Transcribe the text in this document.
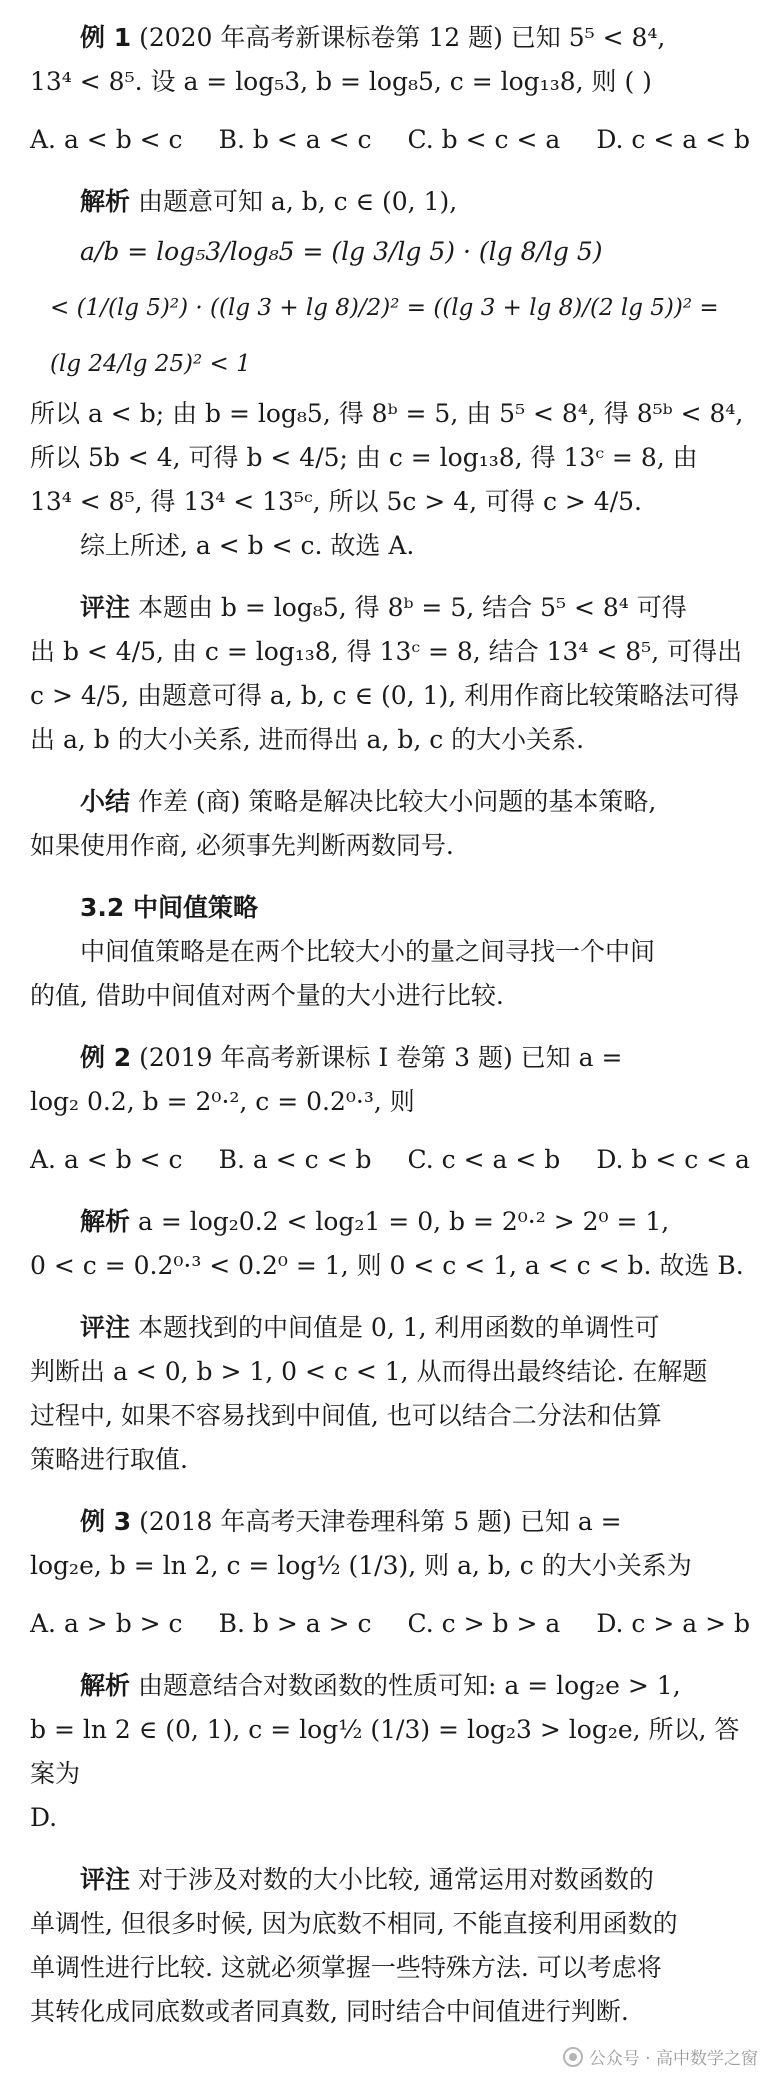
例 1 (2020 年高考新课标卷第 12 题) 已知 5⁵ < 8⁴,

13⁴ < 8⁵. 设 a = log₅3, b = log₈5, c = log₁₃8, 则 ( )

A. a < b < c B. b < a < c C. b < c < a D. c < a < b

解析 由题意可知 a, b, c ∈ (0, 1),

a/b = log₅3/log₈5 = (lg 3/lg 5) · (lg 8/lg 5)

< (1/(lg 5)²) · ((lg 3 + lg 8)/2)² = ((lg 3 + lg 8)/(2 lg 5))² = (lg 24/lg 25)² < 1

所以 a < b; 由 b = log₈5, 得 8ᵇ = 5, 由 5⁵ < 8⁴, 得 8⁵ᵇ < 8⁴,

所以 5b < 4, 可得 b < 4/5; 由 c = log₁₃8, 得 13ᶜ = 8, 由

13⁴ < 8⁵, 得 13⁴ < 13⁵ᶜ, 所以 5c > 4, 可得 c > 4/5.

综上所述, a < b < c. 故选 A.

评注 本题由 b = log₈5, 得 8ᵇ = 5, 结合 5⁵ < 8⁴ 可得

出 b < 4/5, 由 c = log₁₃8, 得 13ᶜ = 8, 结合 13⁴ < 8⁵, 可得出

c > 4/5, 由题意可得 a, b, c ∈ (0, 1), 利用作商比较策略法可得

出 a, b 的大小关系, 进而得出 a, b, c 的大小关系.

小结 作差 (商) 策略是解决比较大小问题的基本策略,

如果使用作商, 必须事先判断两数同号.

3.2 中间值策略

中间值策略是在两个比较大小的量之间寻找一个中间

的值, 借助中间值对两个量的大小进行比较.

例 2 (2019 年高考新课标 I 卷第 3 题) 已知 a =

log₂ 0.2, b = 2⁰·², c = 0.2⁰·³, 则

A. a < b < c B. a < c < b C. c < a < b D. b < c < a

解析 a = log₂0.2 < log₂1 = 0, b = 2⁰·² > 2⁰ = 1,

0 < c = 0.2⁰·³ < 0.2⁰ = 1, 则 0 < c < 1, a < c < b. 故选 B.

评注 本题找到的中间值是 0, 1, 利用函数的单调性可

判断出 a < 0, b > 1, 0 < c < 1, 从而得出最终结论. 在解题

过程中, 如果不容易找到中间值, 也可以结合二分法和估算

策略进行取值.

例 3 (2018 年高考天津卷理科第 5 题) 已知 a =

log₂e, b = ln 2, c = log½ (1/3), 则 a, b, c 的大小关系为

A. a > b > c B. b > a > c C. c > b > a D. c > a > b

解析 由题意结合对数函数的性质可知: a = log₂e > 1,

b = ln 2 ∈ (0, 1), c = log½ (1/3) = log₂3 > log₂e, 所以, 答案为

D.

评注 对于涉及对数的大小比较, 通常运用对数函数的

单调性, 但很多时候, 因为底数不相同, 不能直接利用函数的

单调性进行比较. 这就必须掌握一些特殊方法. 可以考虑将

其转化成同底数或者同真数, 同时结合中间值进行判断.

公众号 · 高中数学之窗
